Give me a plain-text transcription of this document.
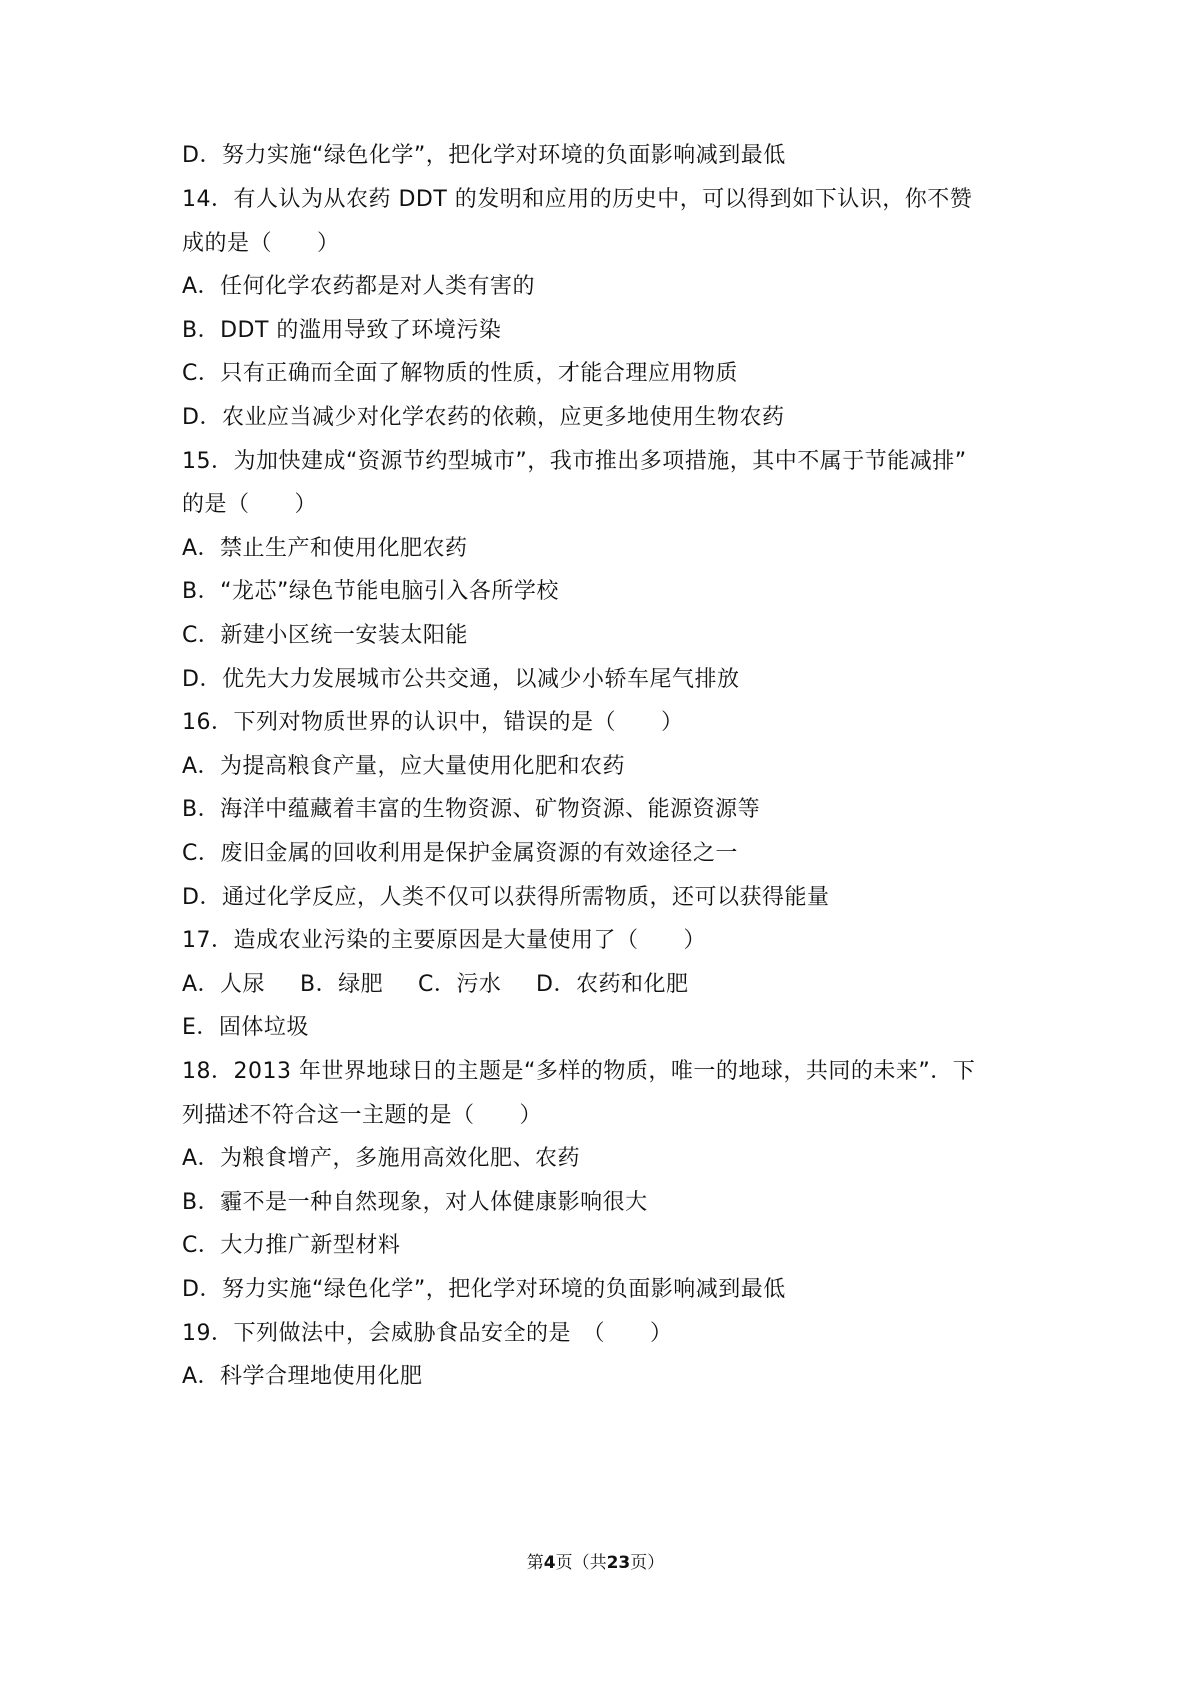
D．努力实施“绿色化学”，把化学对环境的负面影响减到最低
14．有人认为从农药 DDT 的发明和应用的历史中，可以得到如下认识，你不赞
成的是（　　）
A．任何化学农药都是对人类有害的
B．DDT 的滥用导致了环境污染
C．只有正确而全面了解物质的性质，才能合理应用物质
D．农业应当减少对化学农药的依赖，应更多地使用生物农药
15．为加快建成“资源节约型城市”，我市推出多项措施，其中不属于节能减排”
的是（　　）
A．禁止生产和使用化肥农药
B．“龙芯”绿色节能电脑引入各所学校
C．新建小区统一安装太阳能
D．优先大力发展城市公共交通，以减少小轿车尾气排放
16．下列对物质世界的认识中，错误的是（　　）
A．为提高粮食产量，应大量使用化肥和农药
B．海洋中蕴藏着丰富的生物资源、矿物资源、能源资源等
C．废旧金属的回收利用是保护金属资源的有效途径之一
D．通过化学反应，人类不仅可以获得所需物质，还可以获得能量
17．造成农业污染的主要原因是大量使用了（　　）
A．人尿	B．绿肥	C．污水	D．农药和化肥
E．固体垃圾
18．2013 年世界地球日的主题是“多样的物质，唯一的地球，共同的未来”．下
列描述不符合这一主题的是（　　）
A．为粮食增产，多施用高效化肥、农药
B．霾不是一种自然现象，对人体健康影响很大
C．大力推广新型材料
D．努力实施“绿色化学”，把化学对环境的负面影响减到最低
19．下列做法中，会威胁食品安全的是　（　　）
A．科学合理地使用化肥
第4页（共23页）
